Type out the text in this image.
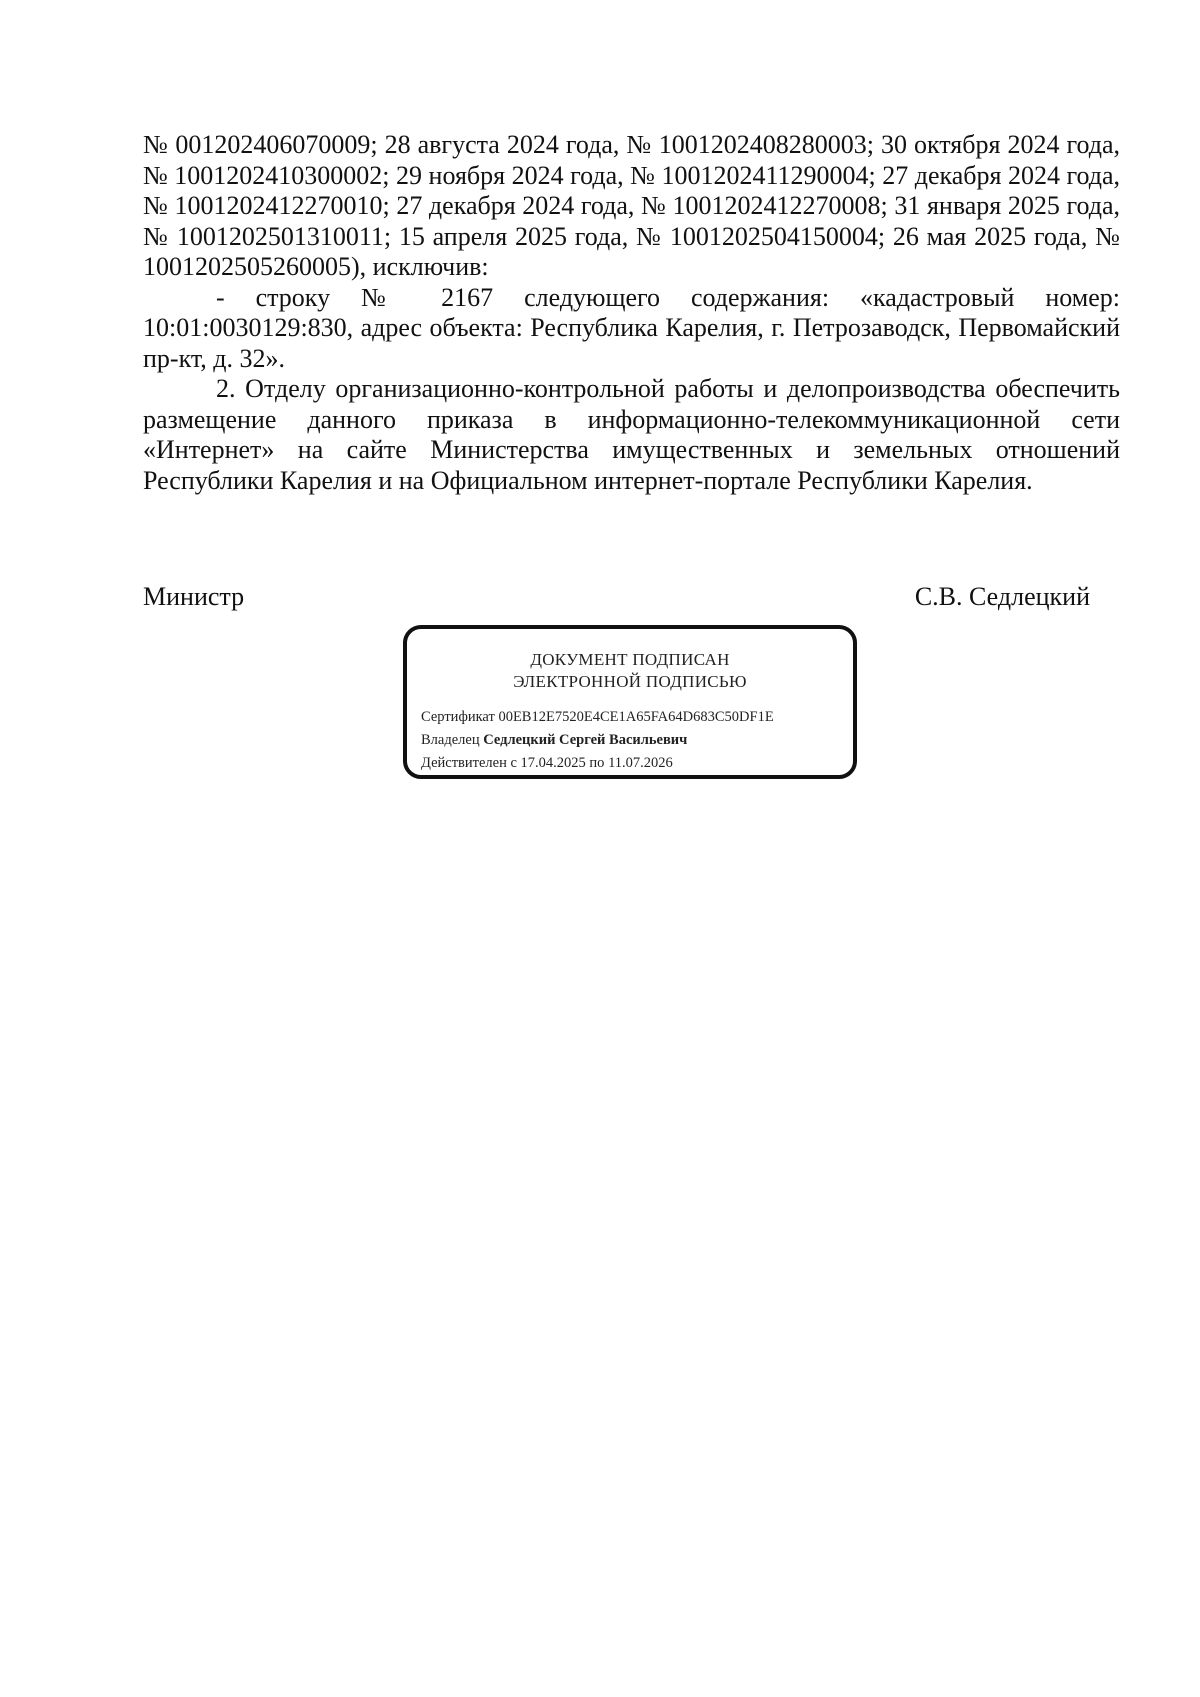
№ 001202406070009; 28 августа 2024 года, № 1001202408280003; 30 октября 2024 года, № 1001202410300002; 29 ноября 2024 года, № 1001202411290004; 27 декабря 2024 года, № 1001202412270010; 27 декабря 2024 года, № 1001202412270008; 31 января 2025 года, № 1001202501310011; 15 апреля 2025 года, № 1001202504150004; 26 мая 2025 года, № 1001202505260005), исключив:

- строку № 2167 следующего содержания: «кадастровый номер: 10:01:0030129:830, адрес объекта: Республика Карелия, г. Петрозаводск, Первомайский пр-кт, д. 32».

2. Отделу организационно-контрольной работы и делопроизводства обеспечить размещение данного приказа в информационно-телекоммуникационной сети «Интернет» на сайте Министерства имущественных и земельных отношений Республики Карелия и на Официальном интернет-портале Республики Карелия.

Министр	С.В. Седлецкий
ДОКУМЕНТ ПОДПИСАН
ЭЛЕКТРОННОЙ ПОДПИСЬЮ
Сертификат 00EB12E7520E4CE1A65FA64D683C50DF1E
Владелец Седлецкий Сергей Васильевич
Действителен с 17.04.2025 по 11.07.2026
